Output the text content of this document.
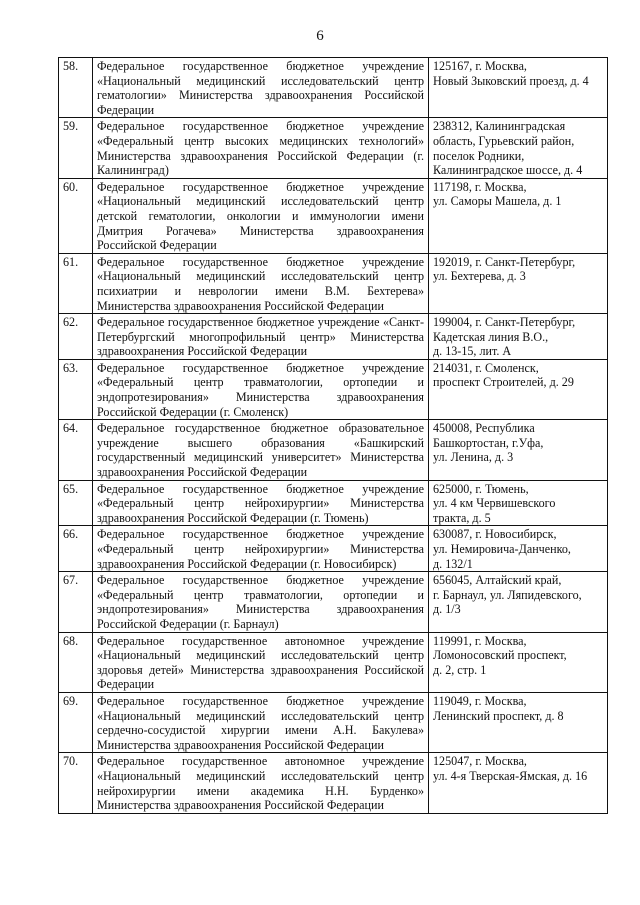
6
58.	Федеральное государственное бюджетное учреждение «Национальный медицинский исследовательский центр гематологии» Министерства здравоохранения Российской Федерации	125167, г. Москва,
Новый Зыковский проезд, д. 4
59.	Федеральное государственное бюджетное учреждение «Федеральный центр высоких медицинских технологий» Министерства здравоохранения Российской Федерации (г. Калининград)	238312, Калининградская область, Гурьевский район, поселок Родники,
Калининградское шоссе, д. 4
60.	Федеральное государственное бюджетное учреждение «Национальный медицинский исследовательский центр детской гематологии, онкологии и иммунологии имени Дмитрия Рогачева» Министерства здравоохранения Российской Федерации	117198, г. Москва,
ул. Саморы Машела, д. 1
61.	Федеральное государственное бюджетное учреждение «Национальный медицинский исследовательский центр психиатрии и неврологии имени В.М. Бехтерева» Министерства здравоохранения Российской Федерации	192019, г. Санкт-Петербург,
ул. Бехтерева, д. 3
62.	Федеральное государственное бюджетное учреждение «Санкт-Петербургский многопрофильный центр» Министерства здравоохранения Российской Федерации	199004, г. Санкт-Петербург,
Кадетская линия В.О.,
д. 13-15, лит. А
63.	Федеральное государственное бюджетное учреждение «Федеральный центр травматологии, ортопедии и эндопротезирования» Министерства здравоохранения Российской Федерации (г. Смоленск)	214031, г. Смоленск,
проспект Строителей, д. 29
64.	Федеральное государственное бюджетное образовательное учреждение высшего образования «Башкирский государственный медицинский университет» Министерства здравоохранения Российской Федерации	450008, Республика
Башкортостан, г.Уфа,
ул. Ленина, д. 3
65.	Федеральное государственное бюджетное учреждение «Федеральный центр нейрохирургии» Министерства здравоохранения Российской Федерации (г. Тюмень)	625000, г. Тюмень,
ул. 4 км Червишевского
тракта, д. 5
66.	Федеральное государственное бюджетное учреждение «Федеральный центр нейрохирургии» Министерства здравоохранения Российской Федерации (г. Новосибирск)	630087, г. Новосибирск,
ул. Немировича-Данченко,
д. 132/1
67.	Федеральное государственное бюджетное учреждение «Федеральный центр травматологии, ортопедии и эндопротезирования» Министерства здравоохранения Российской Федерации (г. Барнаул)	656045, Алтайский край,
г. Барнаул, ул. Ляпидевского,
д. 1/3
68.	Федеральное государственное автономное учреждение «Национальный медицинский исследовательский центр здоровья детей» Министерства здравоохранения Российской Федерации	119991, г. Москва,
Ломоносовский проспект,
д. 2, стр. 1
69.	Федеральное государственное бюджетное учреждение «Национальный медицинский исследовательский центр сердечно-сосудистой хирургии имени А.Н. Бакулева» Министерства здравоохранения Российской Федерации	119049, г. Москва,
Ленинский проспект, д. 8
70.	Федеральное государственное автономное учреждение «Национальный медицинский исследовательский центр нейрохирургии имени академика Н.Н. Бурденко» Министерства здравоохранения Российской Федерации	125047, г. Москва,
ул. 4-я Тверская-Ямская, д. 16
